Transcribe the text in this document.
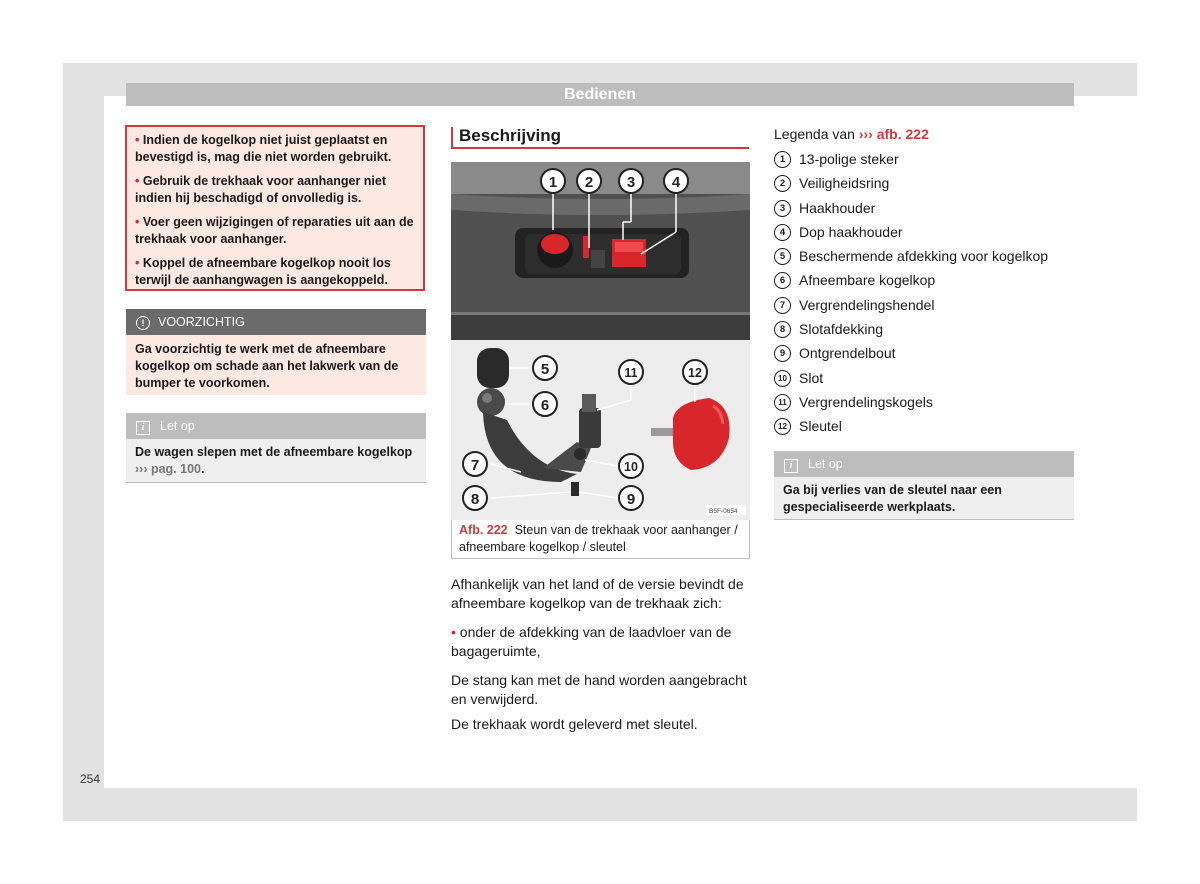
Bedienen

• Indien de kogelkop niet juist geplaatst en bevestigd is, mag die niet worden gebruikt.

• Gebruik de trekhaak voor aanhanger niet indien hij beschadigd of onvolledig is.

• Voer geen wijzigingen of reparaties uit aan de trekhaak voor aanhanger.

• Koppel de afneembare kogelkop nooit los terwijl de aanhangwagen is aangekoppeld.

! VOORZICHTIG
Ga voorzichtig te werk met de afneembare kogelkop om schade aan het lakwerk van de bumper te voorkomen.
i Let op
De wagen slepen met de afneembare kogelkop ››› pag. 100.
Beschrijving
B5F-0654
1 2 3 4
5
6
7
8	9
10
11	12
Afb. 222 Steun van de trekhaak voor aanhanger / afneembare kogelkop / sleutel

Afhankelijk van het land of de versie bevindt de afneembare kogelkop van de trekhaak zich:

• onder de afdekking van de laadvloer van de bagageruimte,

De stang kan met de hand worden aangebracht en verwijderd.

De trekhaak wordt geleverd met sleutel.

Legenda van ››› afb. 222
1 13-polige steker
2 Veiligheidsring
3 Haakhouder
4 Dop haakhouder
5 Beschermende afdekking voor kogelkop
6 Afneembare kogelkop
7 Vergrendelingshendel
8 Slotafdekking
9 Ontgrendelbout
10 Slot
11 Vergrendelingskogels
12 Sleutel
i Let op
Ga bij verlies van de sleutel naar een gespecialiseerde werkplaats.
254
